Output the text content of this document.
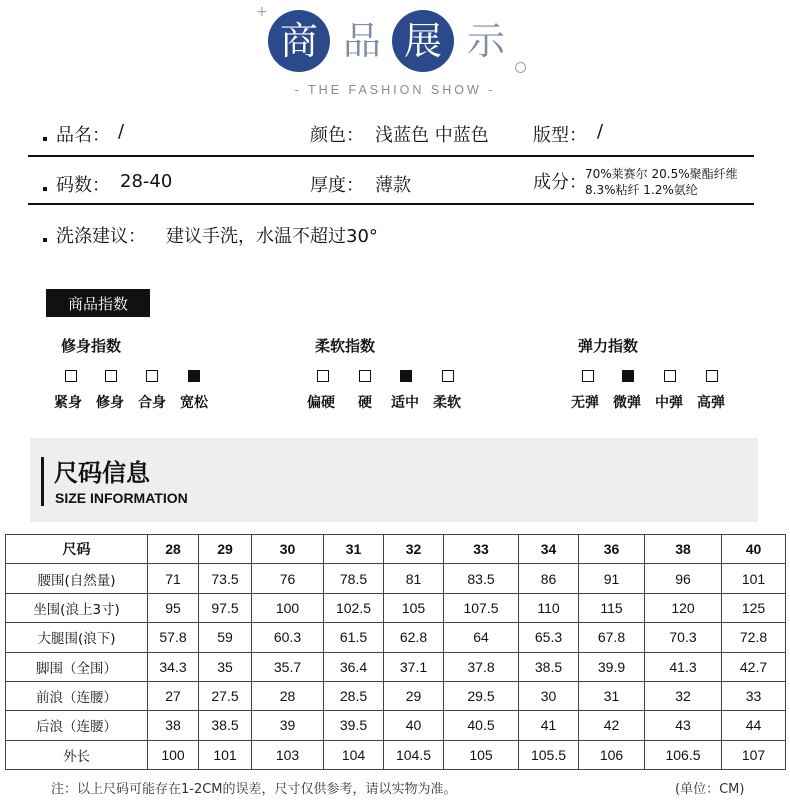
+
商 品 展 示
- THE FASHION SHOW -
品名： /	颜色： 浅蓝色 中蓝色 版型： /
码数： 28-40	厚度： 薄款	成分：
70%莱赛尔 20.5%聚酯纤维
8.3%粘纤 1.2%氨纶
洗涤建议： 建议手洗，水温不超过30°
商品指数
修身指数
紧身 修身 合身 宽松
柔软指数
偏硬 硬 适中 柔软
弹力指数
无弹 微弹 中弹 高弹
尺码信息
SIZE INFORMATION
尺码	28	29	30	31	32	33	34	36	38	40
腰围(自然量)	71	73.5	76	78.5	81	83.5	86	91	96	101
坐围(浪上3寸)	95	97.5	100	102.5	105	107.5	110	115	120	125
大腿围(浪下)	57.8	59	60.3	61.5	62.8	64	65.3	67.8	70.3	72.8
脚围（全围）	34.3	35	35.7	36.4	37.1	37.8	38.5	39.9	41.3	42.7
前浪（连腰）	27	27.5	28	28.5	29	29.5	30	31	32	33
后浪（连腰）	38	38.5	39	39.5	40	40.5	41	42	43	44
外长	100	101	103	104	104.5	105	105.5	106	106.5	107
注：以上尺码可能存在1-2CM的误差，尺寸仅供参考，请以实物为准。	(单位：CM)
